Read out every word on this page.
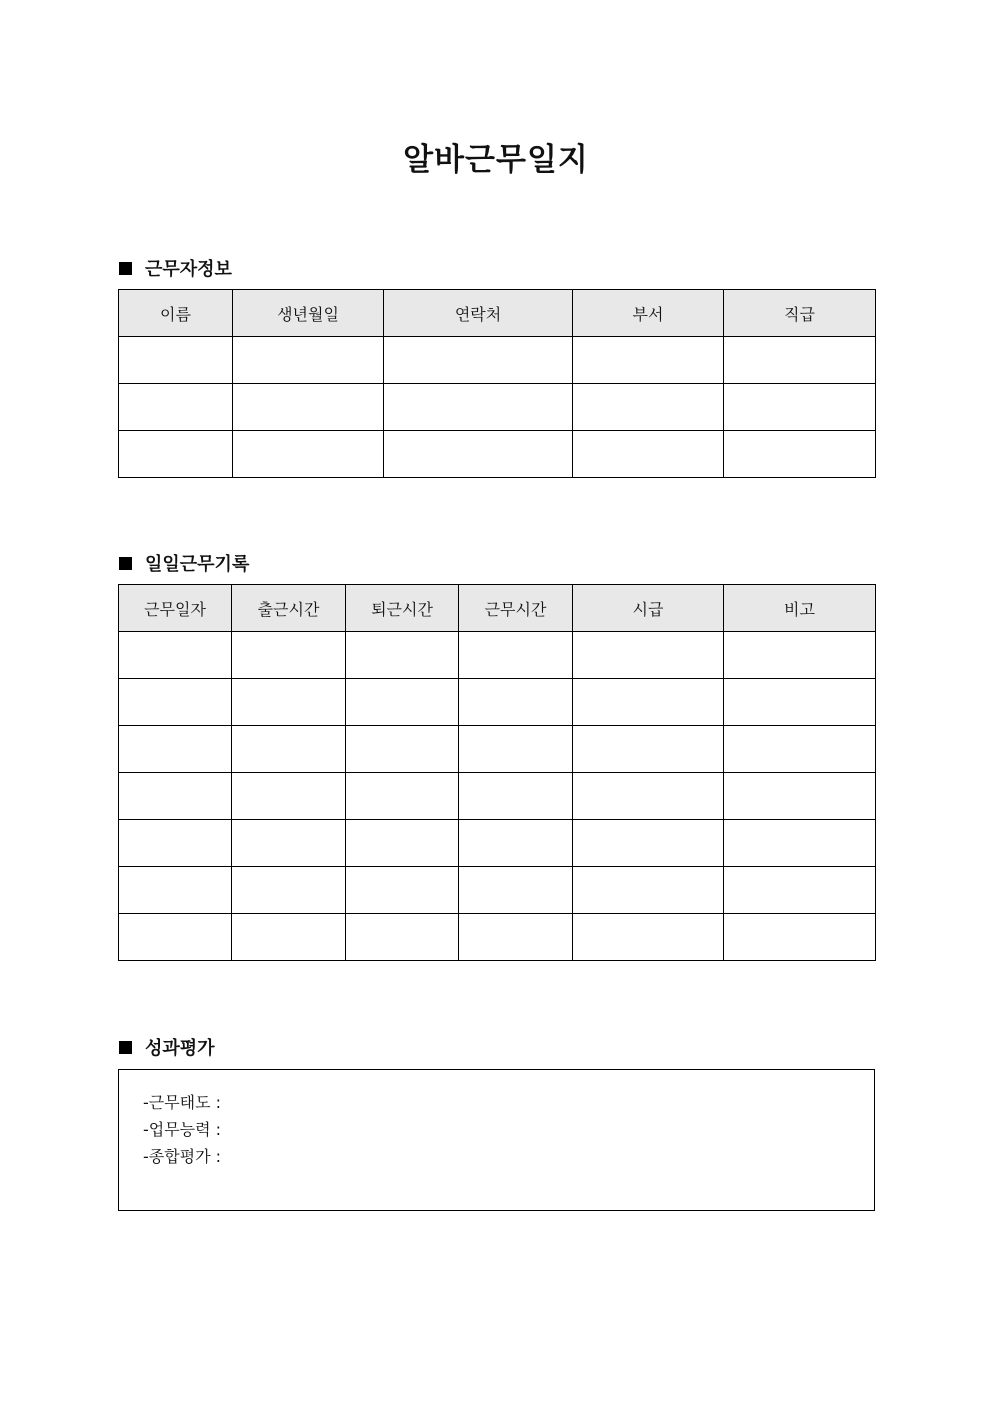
알바근무일지
근무자정보
이름	생년월일	연락처	부서	직급

일일근무기록
근무일자	출근시간	퇴근시간	근무시간	시급	비고

성과평가
-근무태도 :
-업무능력 :
-종합평가 :
